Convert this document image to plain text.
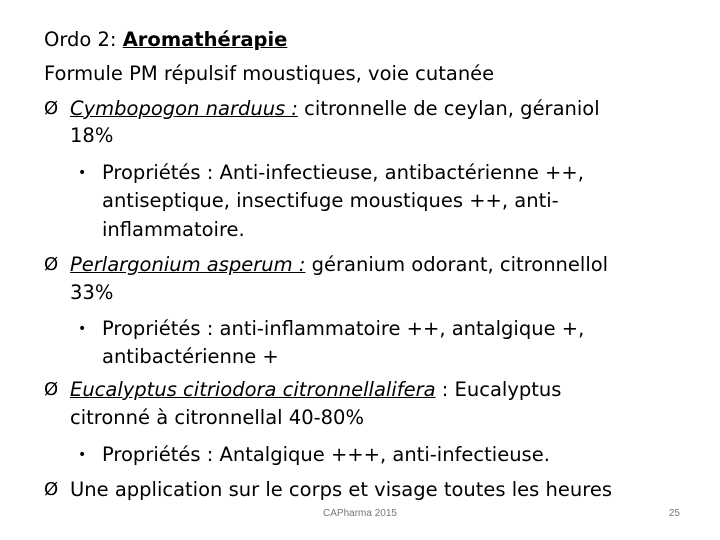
Ordo 2: Aromathérapie
Formule PM répulsif moustiques, voie cutanée
Ø Cymbopogon narduus : citronnelle de ceylan, géraniol
18%
• Propriétés : Anti-infectieuse, antibactérienne ++,
antiseptique, insectifuge moustiques ++, anti-
inflammatoire.
Ø Perlargonium asperum : géranium odorant, citronnellol
33%
• Propriétés : anti-inflammatoire ++, antalgique +,
antibactérienne +
Ø Eucalyptus citriodora citronnellalifera : Eucalyptus
citronné à citronnellal 40-80%
• Propriétés : Antalgique +++, anti-infectieuse.
Ø Une application sur le corps et visage toutes les heures
CAPharma 2015	25
